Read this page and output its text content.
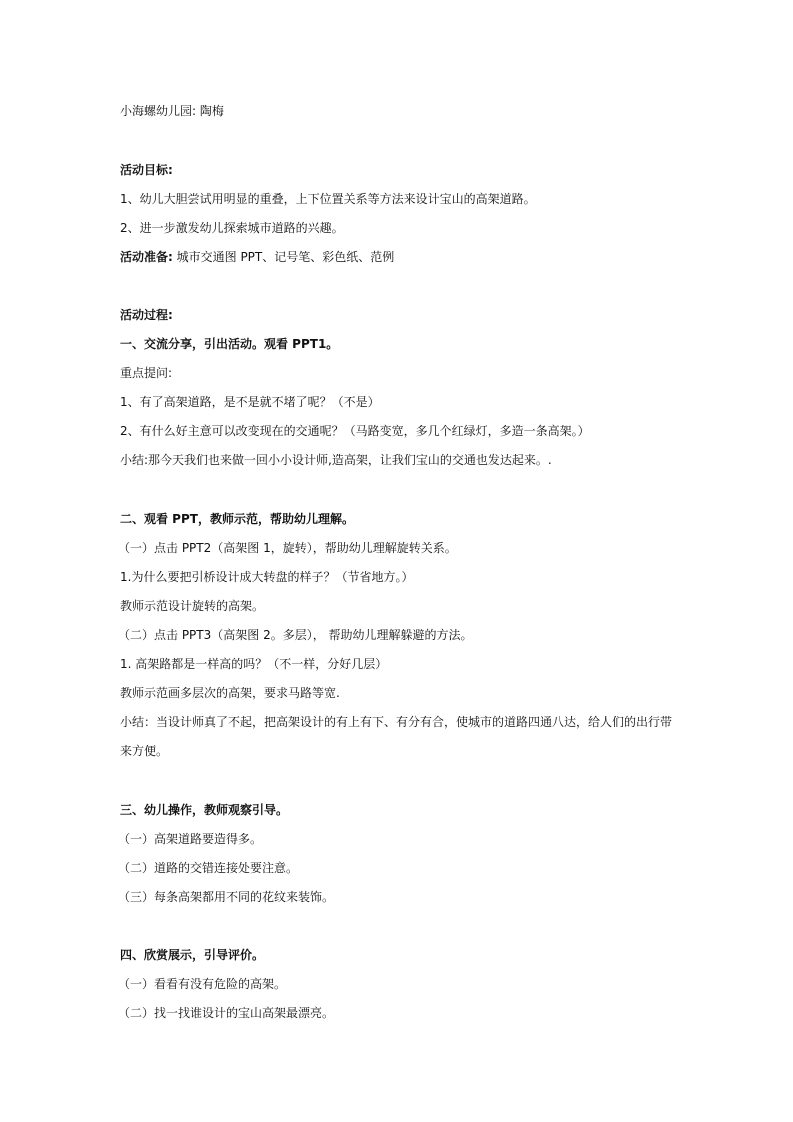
小海螺幼儿园: 陶梅
活动目标:
1、幼儿大胆尝试用明显的重叠，上下位置关系等方法来设计宝山的高架道路。
2、进一步激发幼儿探索城市道路的兴趣。
活动准备: 城市交通图 PPT、记号笔、彩色纸、范例
活动过程:
一、交流分享，引出活动。观看 PPT1。
重点提问:
1、有了高架道路，是不是就不堵了呢？（不是）
2、有什么好主意可以改变现在的交通呢？（马路变宽，多几个红绿灯，多造一条高架。）
小结:那今天我们也来做一回小小设计师,造高架，让我们宝山的交通也发达起来。.
二、观看 PPT，教师示范，帮助幼儿理解。
（一）点击 PPT2（高架图 1，旋转），帮助幼儿理解旋转关系。
1.为什么要把引桥设计成大转盘的样子？（节省地方。）
教师示范设计旋转的高架。
（二）点击 PPT3（高架图 2。多层）， 帮助幼儿理解躲避的方法。
1. 高架路都是一样高的吗？（不一样，分好几层）
教师示范画多层次的高架，要求马路等宽.
小结：当设计师真了不起，把高架设计的有上有下、有分有合，使城市的道路四通八达，给人们的出行带
来方便。
三、幼儿操作，教师观察引导。
（一）高架道路要造得多。
（二）道路的交错连接处要注意。
（三）每条高架都用不同的花纹来装饰。
四、欣赏展示，引导评价。
（一）看看有没有危险的高架。
（二）找一找谁设计的宝山高架最漂亮。
